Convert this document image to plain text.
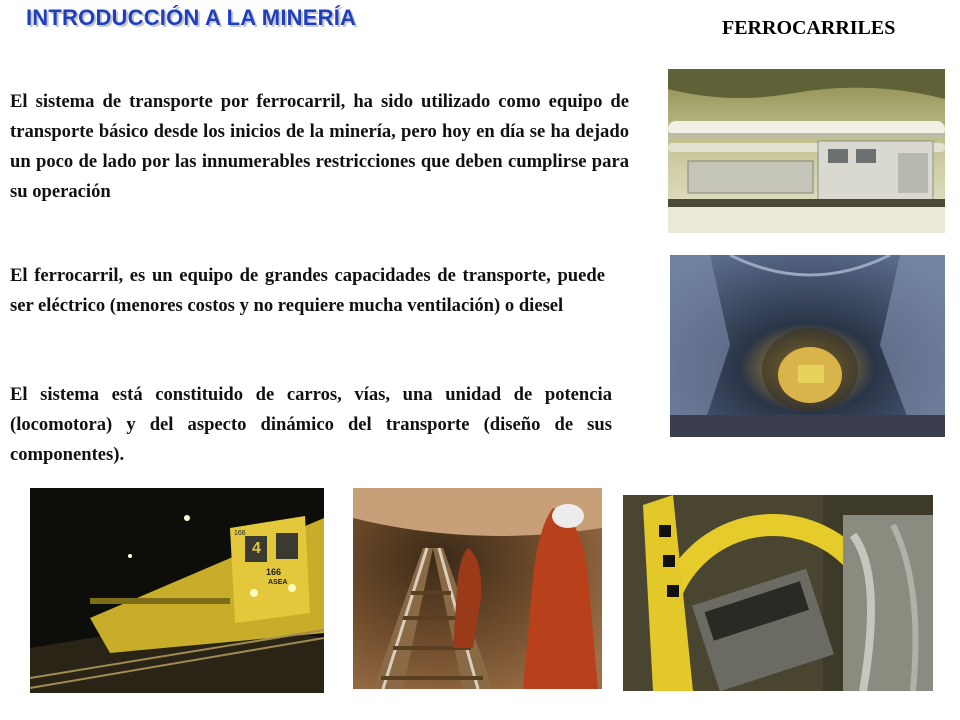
INTRODUCCIÓN A LA MINERÍA	FERROCARRILES

El sistema de transporte por ferrocarril, ha sido utilizado como equipo de transporte básico desde los inicios de la minería, pero hoy en día se ha dejado un poco de lado por las innumerables restricciones que deben cumplirse para su operación

El ferrocarril, es un equipo de grandes capacidades de transporte, puede ser eléctrico (menores costos y no requiere mucha ventilación) o diesel

El sistema está constituido de carros, vías, una unidad de potencia (locomotora) y del aspecto dinámico del transporte (diseño de sus componentes).

4
166
ASEA
166
